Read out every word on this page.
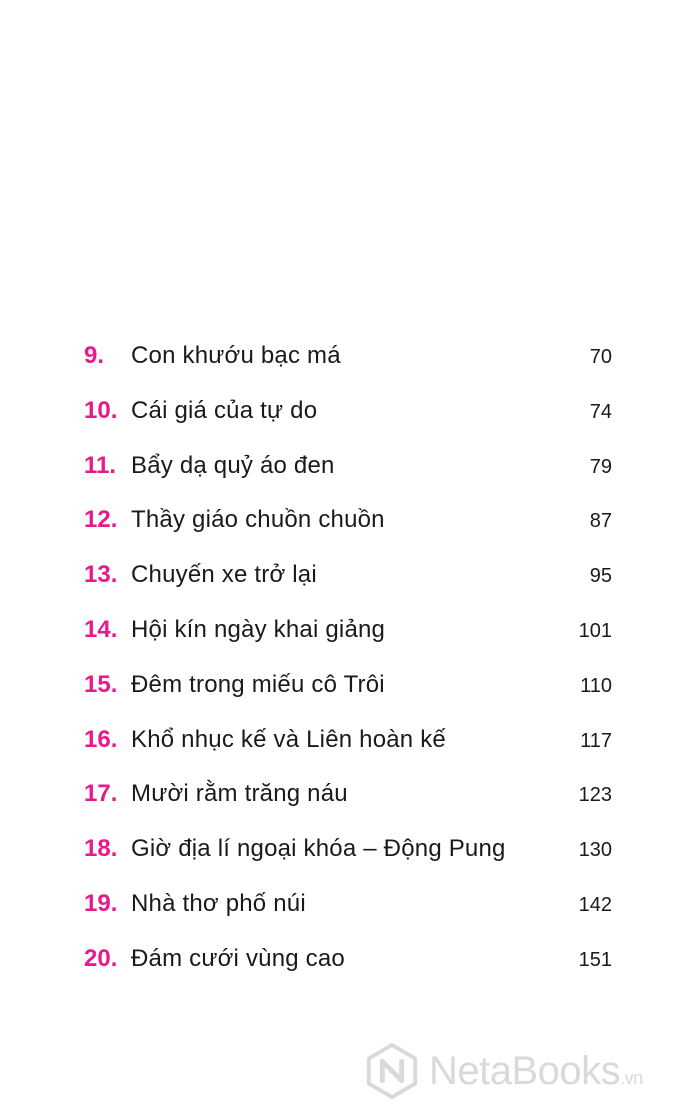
9. Con khướu bạc má	70
10. Cái giá của tự do	74
11. Bẩy dạ quỷ áo đen	79
12. Thầy giáo chuồn chuồn	87
13. Chuyến xe trở lại	95
14. Hội kín ngày khai giảng	101
15. Đêm trong miếu cô Trôi	110
16. Khổ nhục kế và Liên hoàn kế	117
17. Mười rằm trăng náu	123
18. Giờ địa lí ngoại khóa – Động Pung	130
19. Nhà thơ phố núi	142
20. Đám cưới vùng cao	151
NetaBooks.vn
